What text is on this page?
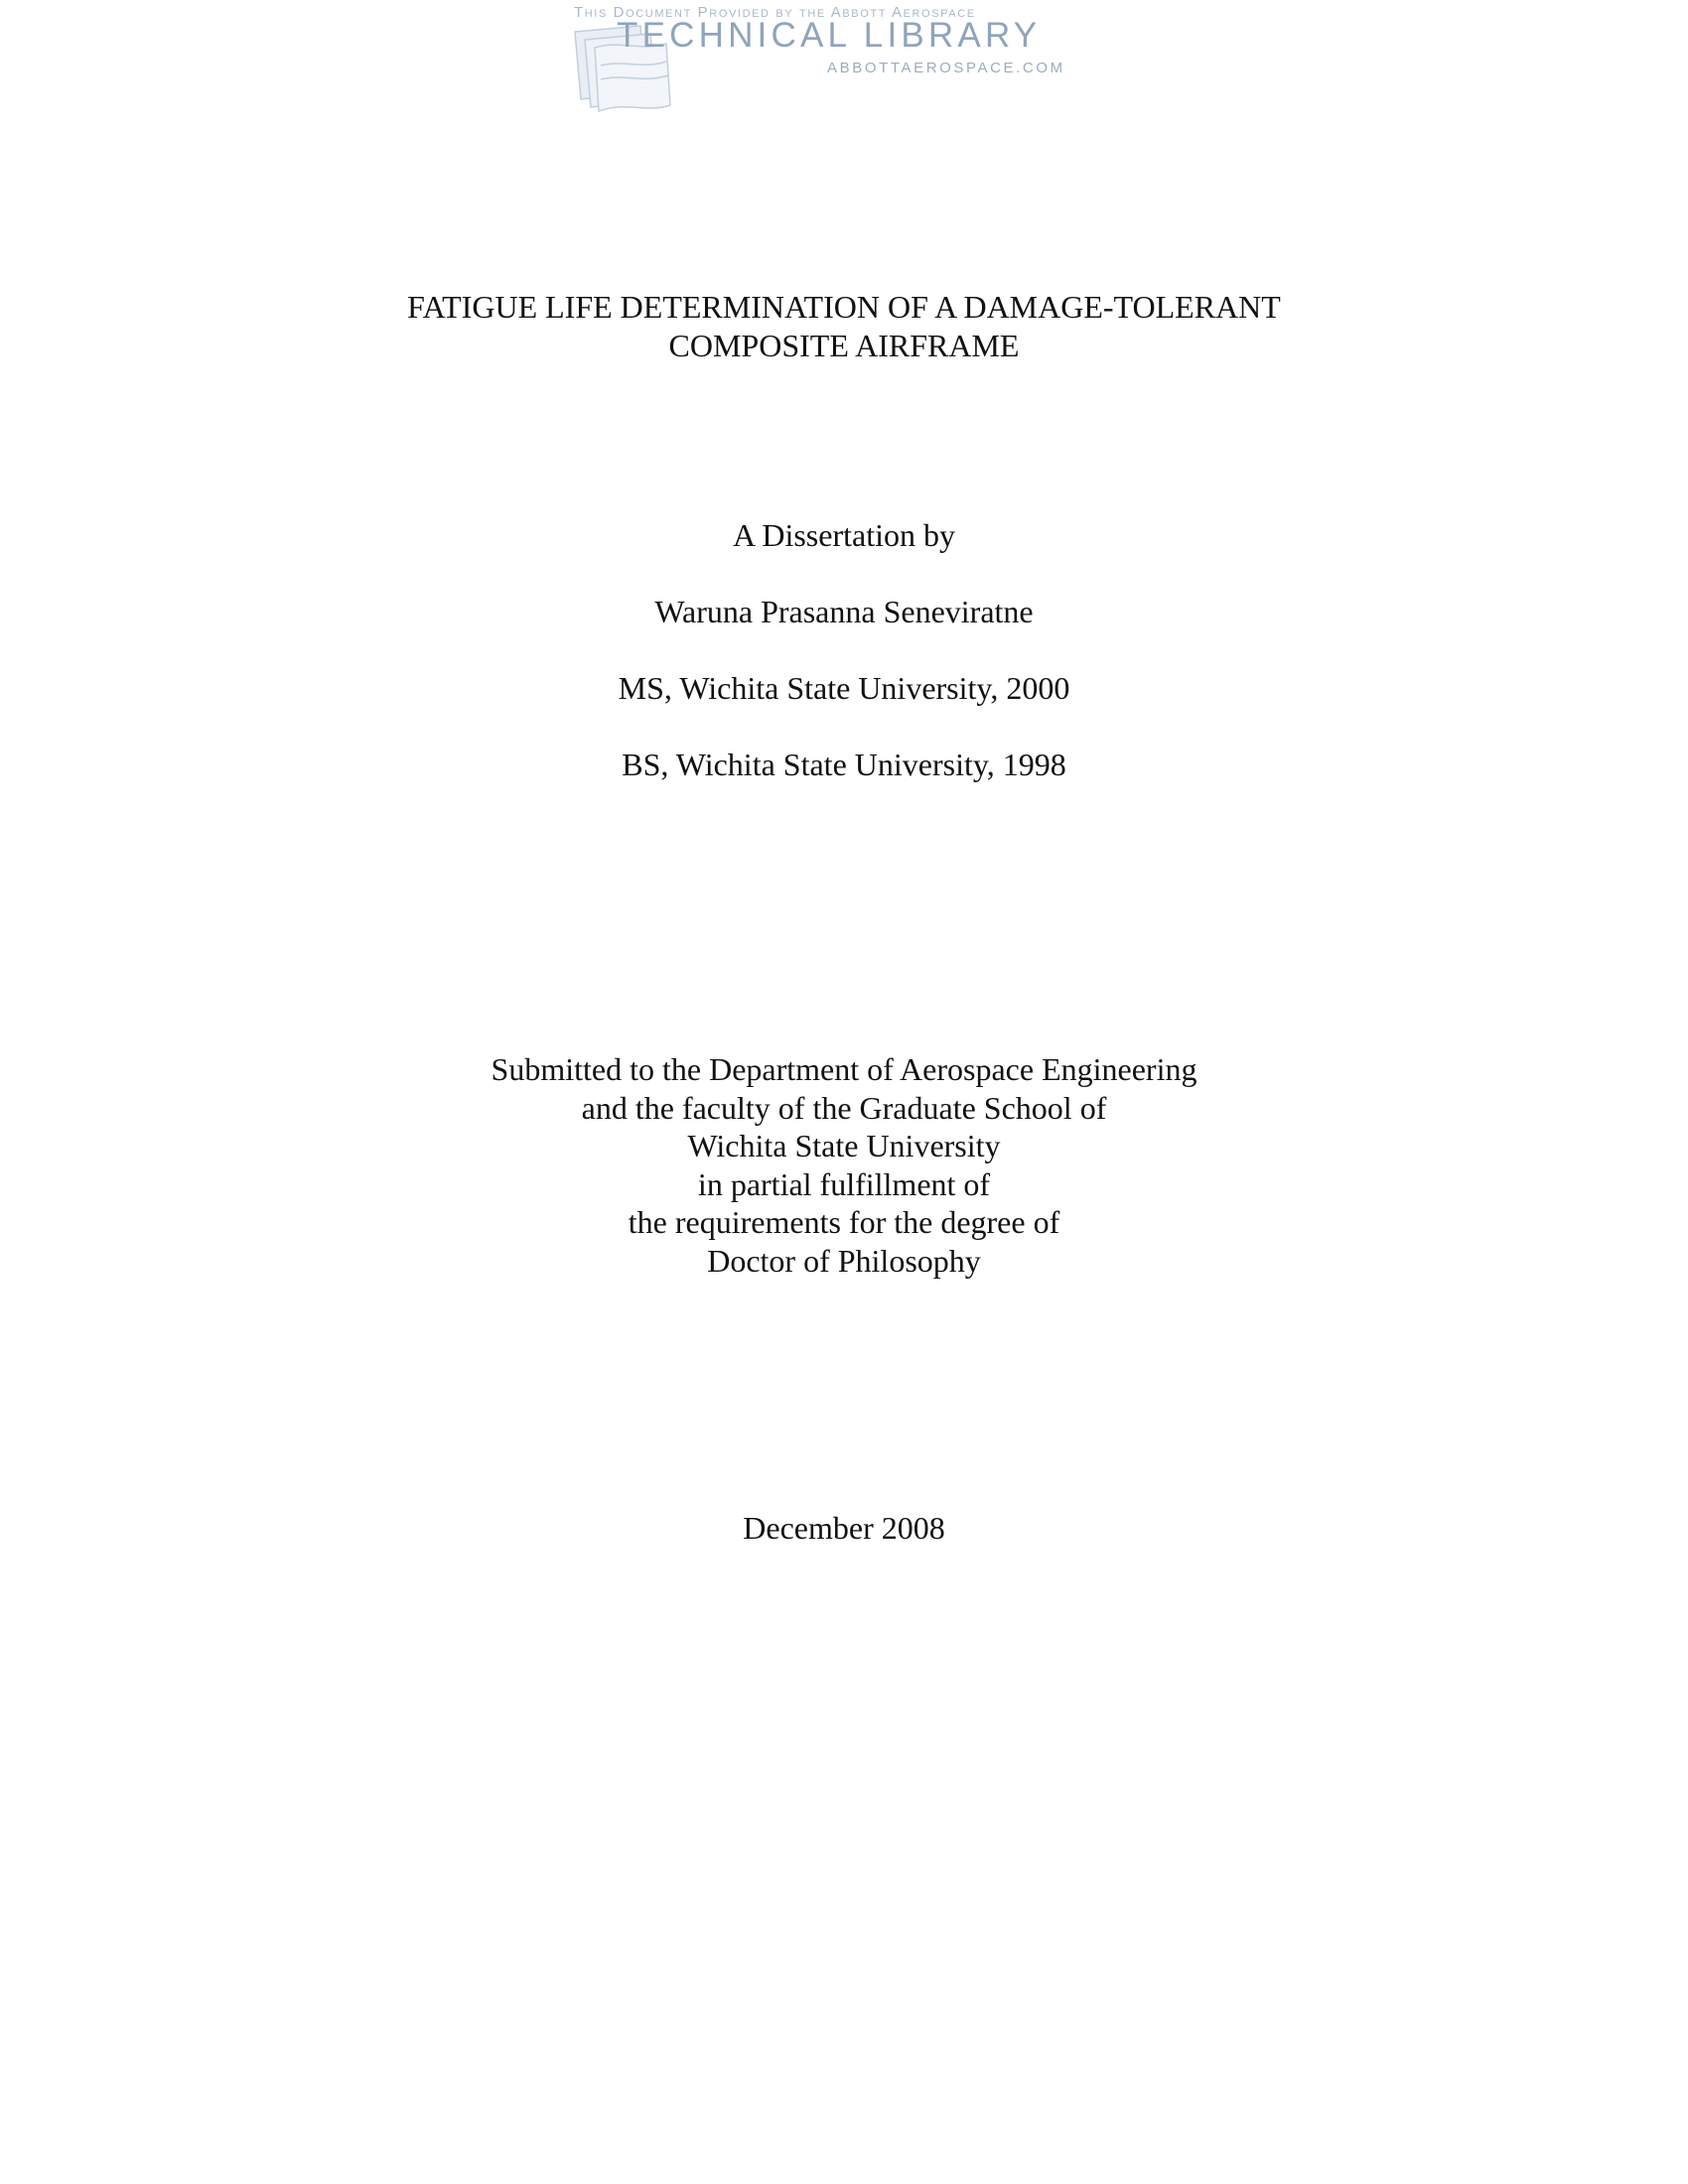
This Document Provided by the Abbott Aerospace
TECHNICAL LIBRARY
ABBOTTAEROSPACE.COM
FATIGUE LIFE DETERMINATION OF A DAMAGE-TOLERANT
COMPOSITE AIRFRAME

A Dissertation by

Waruna Prasanna Seneviratne

MS, Wichita State University, 2000

BS, Wichita State University, 1998

Submitted to the Department of Aerospace Engineering
and the faculty of the Graduate School of
Wichita State University
in partial fulfillment of
the requirements for the degree of
Doctor of Philosophy

December 2008
